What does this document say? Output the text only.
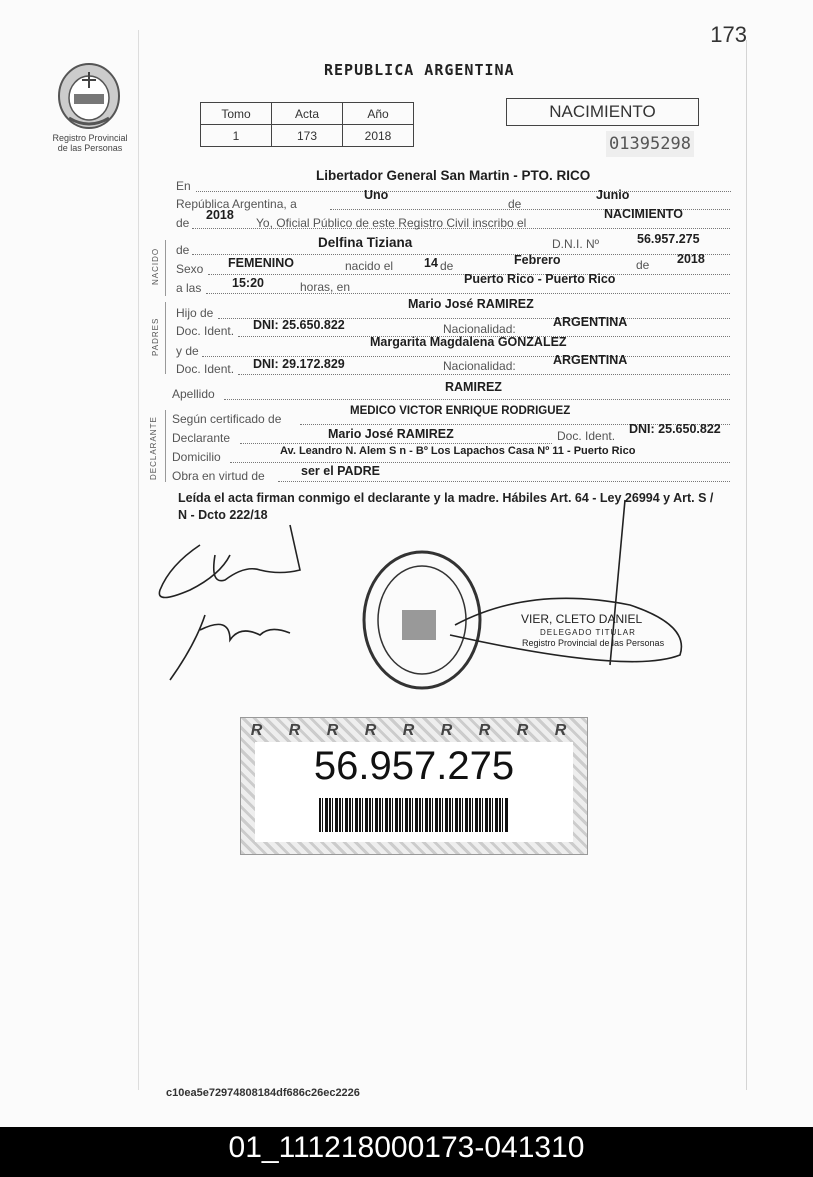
173
Registro Provincial
de las Personas
REPUBLICA ARGENTINA
Tomo	Acta	Año
1	173	2018
NACIMIENTO
01395298
En
Libertador General San Martin - PTO. RICO
República Argentina, a
Uno
de
Junio
de
2018
Yo, Oficial Público de este Registro Civil inscribo el
NACIMIENTO
NACIDO de	Delfina Tiziana	D.N.I. Nº	56.957.275
Sexo FEMENINO	nacido el 14 de	Febrero	de 2018
a las 15:20	horas, en
Puerto Rico - Puerto Rico
PADRES
Hijo de
Mario José RAMIREZ
Doc. Ident. DNI: 25.650.822	Nacionalidad:	ARGENTINA
y de
Margarita Magdalena GONZALEZ
Doc. Ident. DNI: 29.172.829	Nacionalidad:	ARGENTINA
Apellido	RAMIREZ
DECLARANTE Según certificado de
MEDICO VICTOR ENRIQUE RODRIGUEZ
Declarante	Mario José RAMIREZ	Doc. Ident. DNI: 25.650.822
Domicilio	Av. Leandro N. Alem S n - Bº Los Lapachos Casa Nº 11 - Puerto Rico
Obra en virtud de	ser el PADRE
Leída el acta firman conmigo el declarante y la madre. Hábiles Art. 64 - Ley 26994 y Art. S / N - Dcto 222/18
VIER, CLETO DANIEL
DELEGADO TITULAR
Registro Provincial de las Personas
R R R R R R R R R
56.957.275
c10ea5e72974808184df686c26ec2226
01_111218000173-041310
